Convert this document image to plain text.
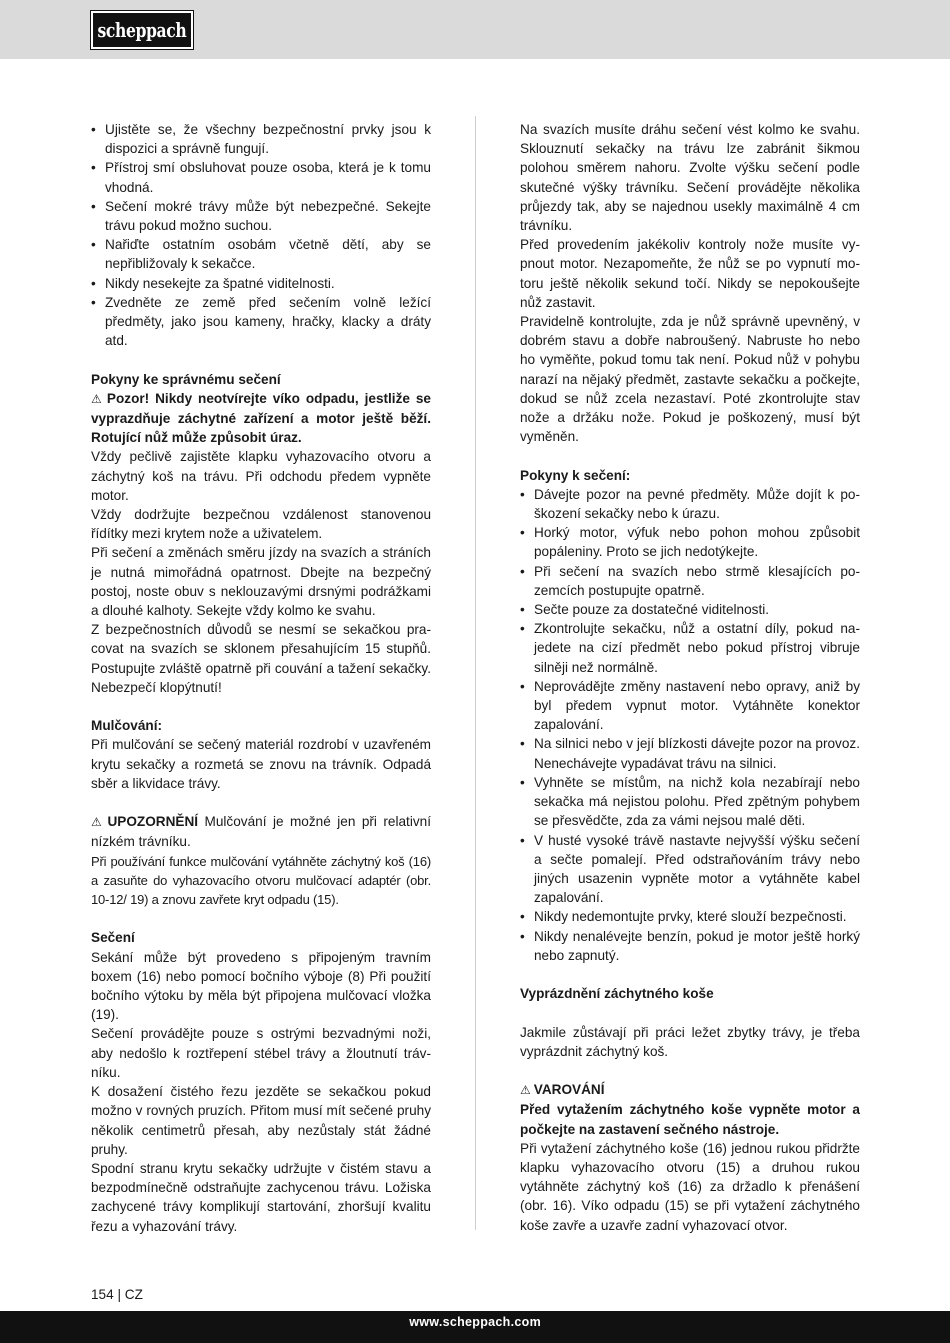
scheppach
• Ujistěte se, že všechny bezpečnostní prvky jsou k dispozici a správně fungují.
• Přístroj smí obsluhovat pouze osoba, která je k tomu vhodná.
• Sečení mokré trávy může být nebezpečné. Sekejte trávu pokud možno suchou.
• Nařiďte ostatním osobám včetně dětí, aby se nepřibližovaly k sekačce.
• Nikdy nesekejte za špatné viditelnosti.
• Zvedněte ze země před sečením volně ležící předměty, jako jsou kameny, hračky, klacky a dráty atd.

Pokyny ke správnému sečení

⚠ Pozor! Nikdy neotvírejte víko odpadu, jestliže se vyprazdňuje záchytné zařízení a motor ještě běží. Rotující nůž může způsobit úraz.

Vždy pečlivě zajistěte klapku vyhazovacího otvoru a záchytný koš na trávu. Při odchodu předem vypněte motor.

Vždy dodržujte bezpečnou vzdálenost stanovenou řídítky mezi krytem nože a uživatelem.

Při sečení a změnách směru jízdy na svazích a stráních je nutná mimořádná opatrnost. Dbejte na bezpečný postoj, noste obuv s neklouzavými drsnými podrážkami a dlouhé kalhoty. Sekejte vždy kolmo ke svahu.

Z bezpečnostních důvodů se nesmí se sekačkou pracovat na svazích se sklonem přesahujícím 15 stupňů. Postupujte zvláště opatrně při couvání a tažení sekačky. Nebezpečí klopýtnutí!

Mulčování:

Při mulčování se sečený materiál rozdrobí v uzavřeném krytu sekačky a rozmetá se znovu na trávník. Odpadá sběr a likvidace trávy.

⚠ UPOZORNĚNÍ Mulčování je možné jen při relativní nízkém trávníku.

Při používání funkce mulčování vytáhněte záchytný koš (16) a zasuňte do vyhazovacího otvoru mulčovací adaptér (obr. 10-12/ 19) a znovu zavřete kryt odpadu (15).

Sečení

Sekání může být provedeno s připojeným travním boxem (16) nebo pomocí bočního výboje (8) Při použití bočního výtoku by měla být připojena mulčovací vložka (19).

Sečení provádějte pouze s ostrými bezvadnými noži, aby nedošlo k roztřepení stébel trávy a žloutnutí trávníku.

K dosažení čistého řezu jezděte se sekačkou pokud možno v rovných pruzích. Přitom musí mít sečené pruhy několik centimetrů přesah, aby nezůstaly stát žádné pruhy.

Spodní stranu krytu sekačky udržujte v čistém stavu a bezpodmínečně odstraňujte zachycenou trávu. Ložiska zachycené trávy komplikují startování, zhoršují kvalitu řezu a vyhazování trávy.

Na svazích musíte dráhu sečení vést kolmo ke svahu. Sklouznutí sekačky na trávu lze zabránit šikmou polohou směrem nahoru. Zvolte výšku sečení podle skutečné výšky trávníku. Sečení provádějte několika průjezdy tak, aby se najednou usekly maximálně 4 cm trávníku.

Před provedením jakékoliv kontroly nože musíte vypnout motor. Nezapomeňte, že nůž se po vypnutí motoru ještě několik sekund točí. Nikdy se nepokoušejte nůž zastavit.

Pravidelně kontrolujte, zda je nůž správně upevněný, v dobrém stavu a dobře nabroušený. Nabruste ho nebo ho vyměňte, pokud tomu tak není. Pokud nůž v pohybu narazí na nějaký předmět, zastavte sekačku a počkejte, dokud se nůž zcela nezastaví. Poté zkontrolujte stav nože a držáku nože. Pokud je poškozený, musí být vyměněn.

Pokyny k sečení:

• Dávejte pozor na pevné předměty. Může dojít k poškození sekačky nebo k úrazu.
• Horký motor, výfuk nebo pohon mohou způsobit popáleniny. Proto se jich nedotýkejte.
• Při sečení na svazích nebo strmě klesajících pozemcích postupujte opatrně.
• Sečte pouze za dostatečné viditelnosti.
• Zkontrolujte sekačku, nůž a ostatní díly, pokud najedete na cizí předmět nebo pokud přístroj vibruje silněji než normálně.
• Neprovádějte změny nastavení nebo opravy, aniž by byl předem vypnut motor. Vytáhněte konektor zapalování.
• Na silnici nebo v její blízkosti dávejte pozor na provoz. Nenechávejte vypadávat trávu na silnici.
• Vyhněte se místům, na nichž kola nezabírají nebo sekačka má nejistou polohu. Před zpětným pohybem se přesvědčte, zda za vámi nejsou malé děti.
• V husté vysoké trávě nastavte nejvyšší výšku sečení a sečte pomalejí. Před odstraňováním trávy nebo jiných usazenin vypněte motor a vytáhněte kabel zapalování.
• Nikdy nedemontujte prvky, které slouží bezpečnosti.
• Nikdy nenalévejte benzín, pokud je motor ještě horký nebo zapnutý.

Vyprázdnění záchytného koše

Jakmile zůstávají při práci ležet zbytky trávy, je třeba vyprázdnit záchytný koš.

⚠ VAROVÁNÍ

Před vytažením záchytného koše vypněte motor a počkejte na zastavení sečného nástroje.

Při vytažení záchytného koše (16) jednou rukou přidržte klapku vyhazovacího otvoru (15) a druhou rukou vytáhněte záchytný koš (16) za držadlo k přenášení (obr. 16). Víko odpadu (15) se při vytažení záchytného koše zavře a uzavře zadní vyhazovací otvor.

154 | CZ
www.scheppach.com
